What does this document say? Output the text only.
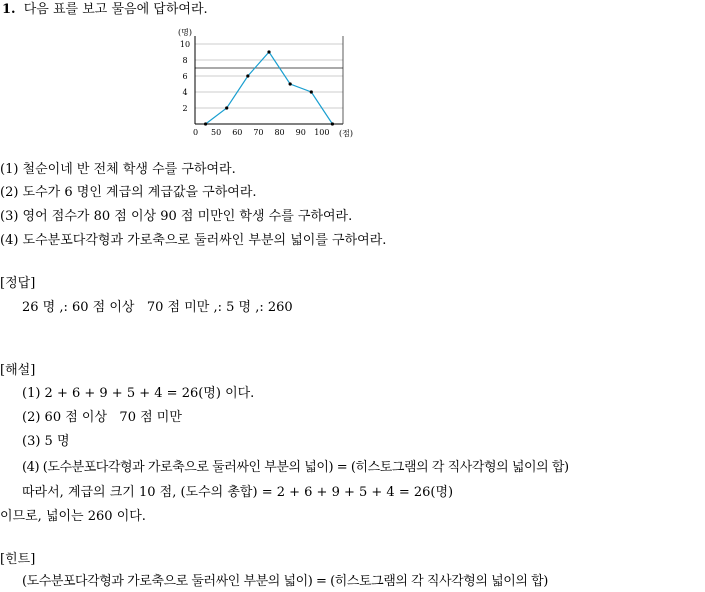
1. 다음 표를 보고 물음에 답하여라.
(명)
(점)
0
2
4
6
8
10
50 60 70 80 90 100
(1) 철순이네 반 전체 학생 수를 구하여라.
(2) 도수가 6 명인 계급의 계급값을 구하여라.
(3) 영어 점수가 80 점 이상 90 점 미만인 학생 수를 구하여라.
(4) 도수분포다각형과 가로축으로 둘러싸인 부분의 넓이를 구하여라.
[정답]
26 명 ,: 60 점 이상   70 점 미만 ,: 5 명 ,: 260
[해설]
(1) 2 + 6 + 9 + 5 + 4 = 26(명) 이다.
(2) 60 점 이상   70 점 미만
(3) 5 명
(4) (도수분포다각형과 가로축으로 둘러싸인 부분의 넓이) = (히스토그램의 각 직사각형의 넓이의 합)
따라서, 계급의 크기 10 점, (도수의 총합) = 2 + 6 + 9 + 5 + 4 = 26(명)
이므로, 넓이는 260 이다.
[힌트]
(도수분포다각형과 가로축으로 둘러싸인 부분의 넓이) = (히스토그램의 각 직사각형의 넓이의 합)
